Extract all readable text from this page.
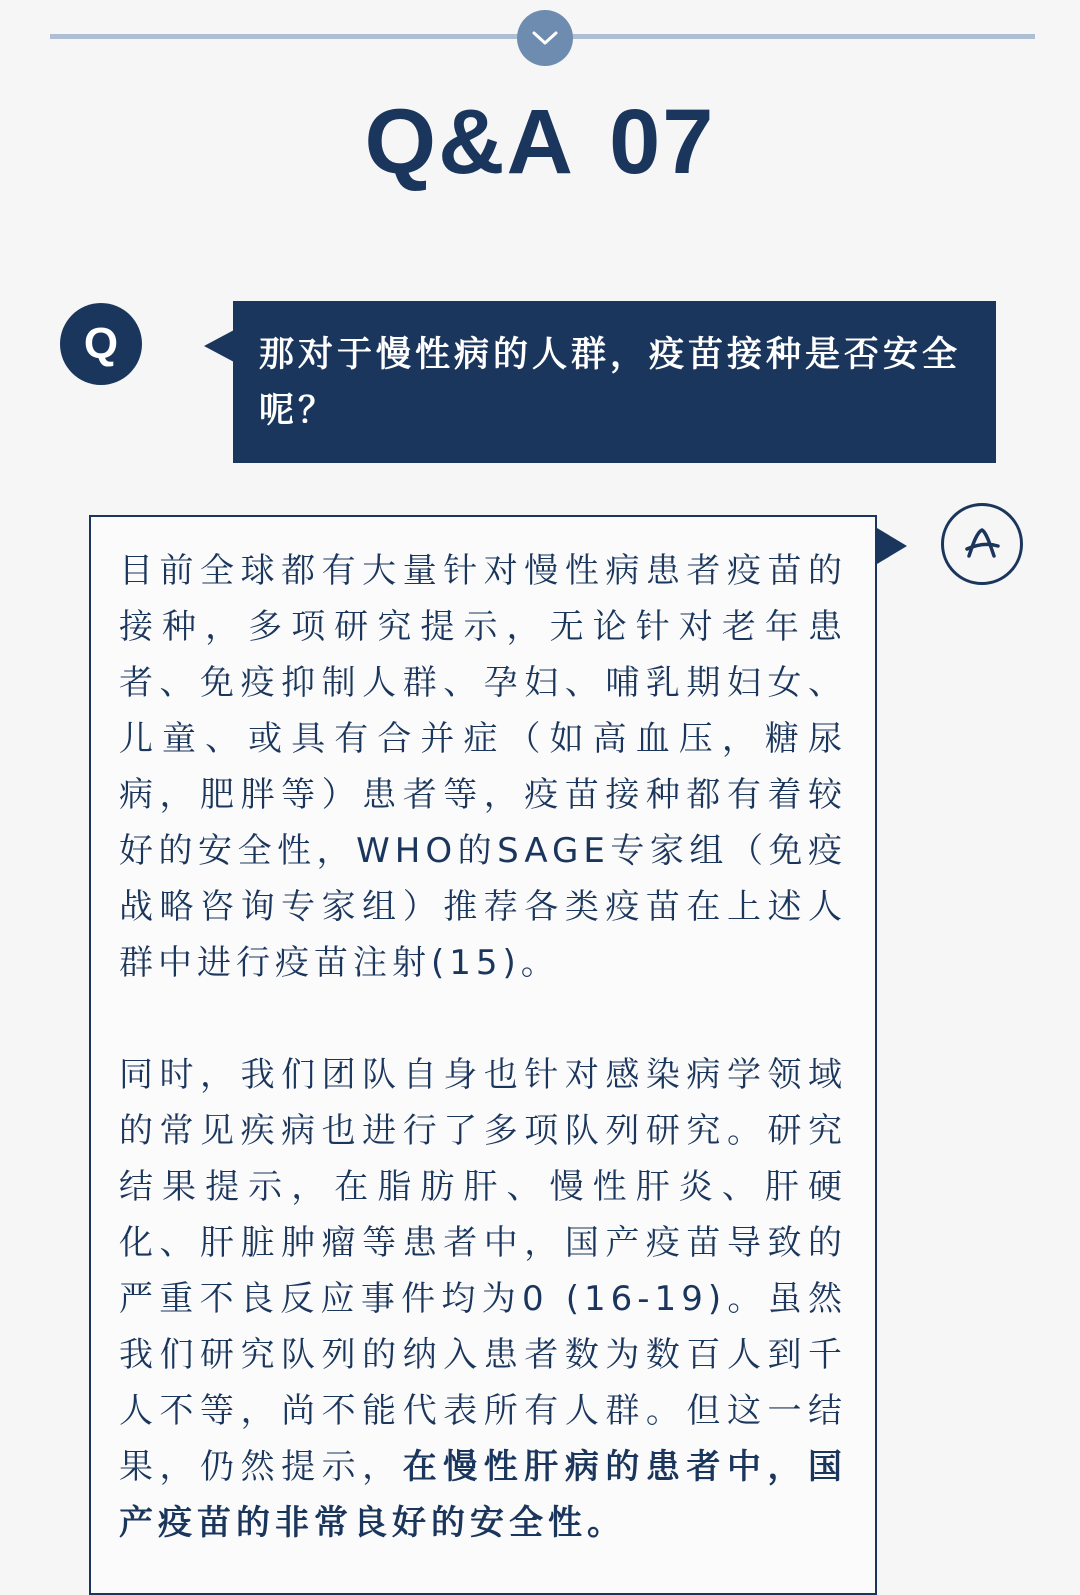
Q&A 07
Q	那对于慢性病的人群，疫苗接种是否安全呢？

目前全球都有大量针对慢性病患者疫苗的接种，多项研究提示，无论针对老年患者、免疫抑制人群、孕妇、哺乳期妇女、儿童、或具有合并症（如高血压，糖尿病，肥胖等）患者等，疫苗接种都有着较好的安全性，WHO的SAGE专家组（免疫战略咨询专家组）推荐各类疫苗在上述人群中进行疫苗注射(15)。

同时，我们团队自身也针对感染病学领域的常见疾病也进行了多项队列研究。研究结果提示，在脂肪肝、慢性肝炎、肝硬化、肝脏肿瘤等患者中，国产疫苗导致的严重不良反应事件均为0 (16-19)。虽然我们研究队列的纳入患者数为数百人到千人不等，尚不能代表所有人群。但这一结果，仍然提示，在慢性肝病的患者中，国产疫苗的非常良好的安全性。
